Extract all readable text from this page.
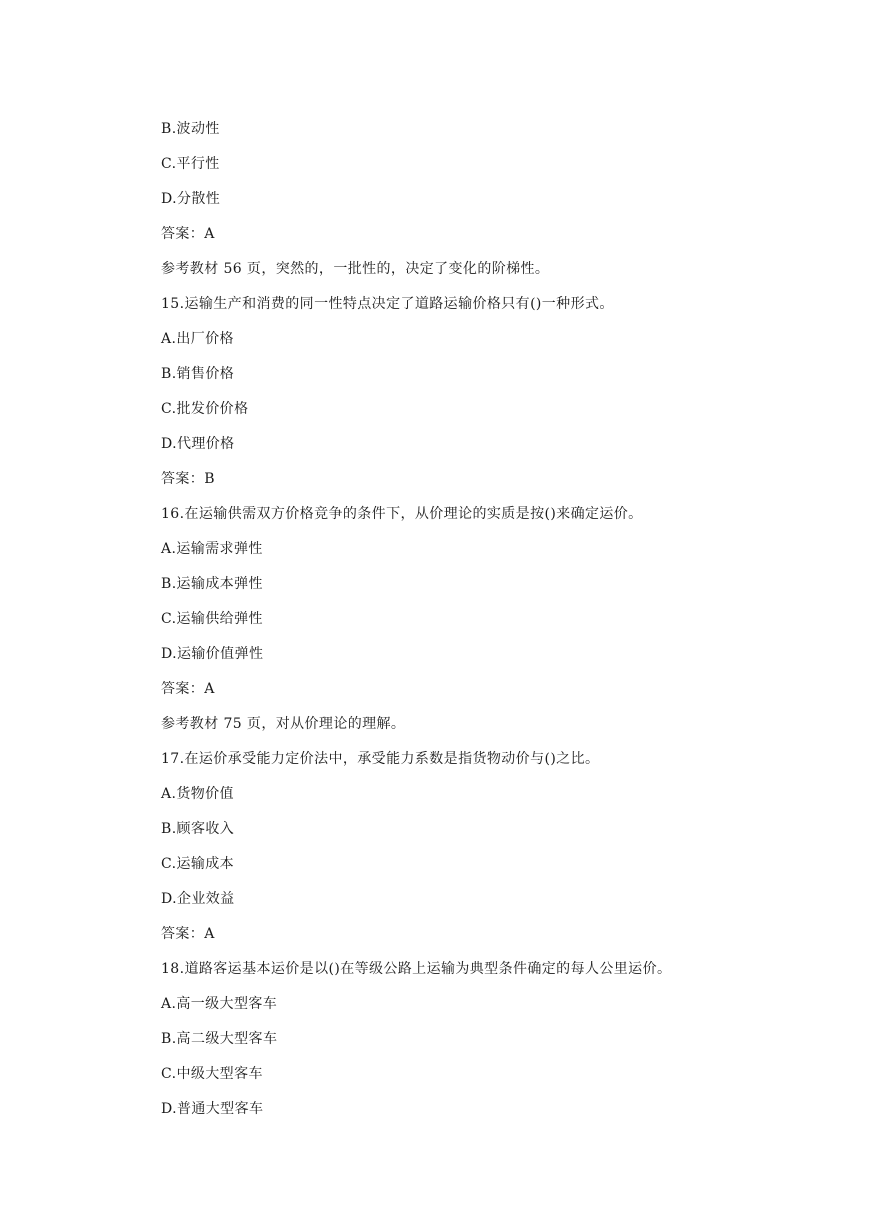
B.波动性
C.平行性
D.分散性
答案：A
参考教材 56 页，突然的，一批性的，决定了变化的阶梯性。
15.运输生产和消费的同一性特点决定了道路运输价格只有()一种形式。
A.出厂价格
B.销售价格
C.批发价价格
D.代理价格
答案：B
16.在运输供需双方价格竞争的条件下，从价理论的实质是按()来确定运价。
A.运输需求弹性
B.运输成本弹性
C.运输供给弹性
D.运输价值弹性
答案：A
参考教材 75 页，对从价理论的理解。
17.在运价承受能力定价法中，承受能力系数是指货物动价与()之比。
A.货物价值
B.顾客收入
C.运输成本
D.企业效益
答案：A
18.道路客运基本运价是以()在等级公路上运输为典型条件确定的每人公里运价。
A.高一级大型客车
B.高二级大型客车
C.中级大型客车
D.普通大型客车
